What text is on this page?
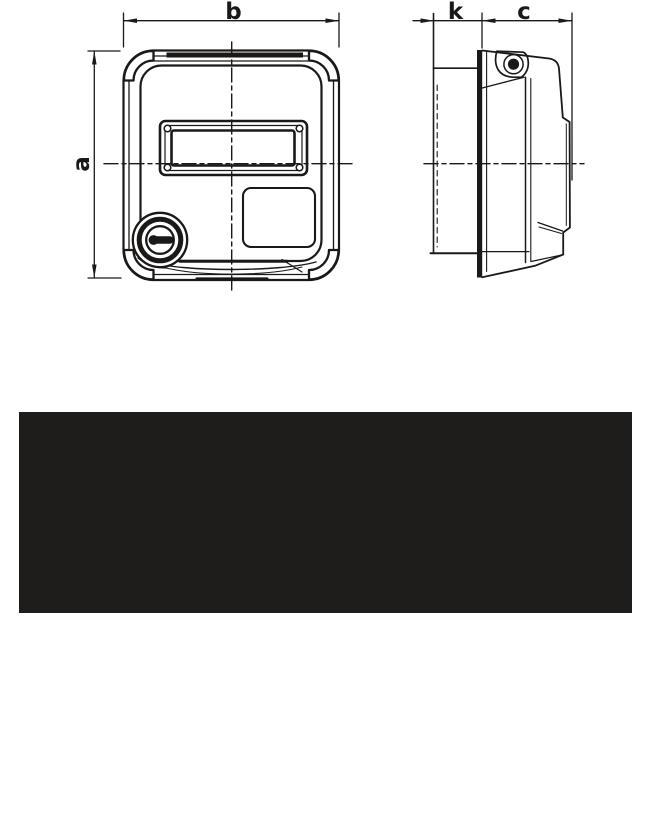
b
a
k c
